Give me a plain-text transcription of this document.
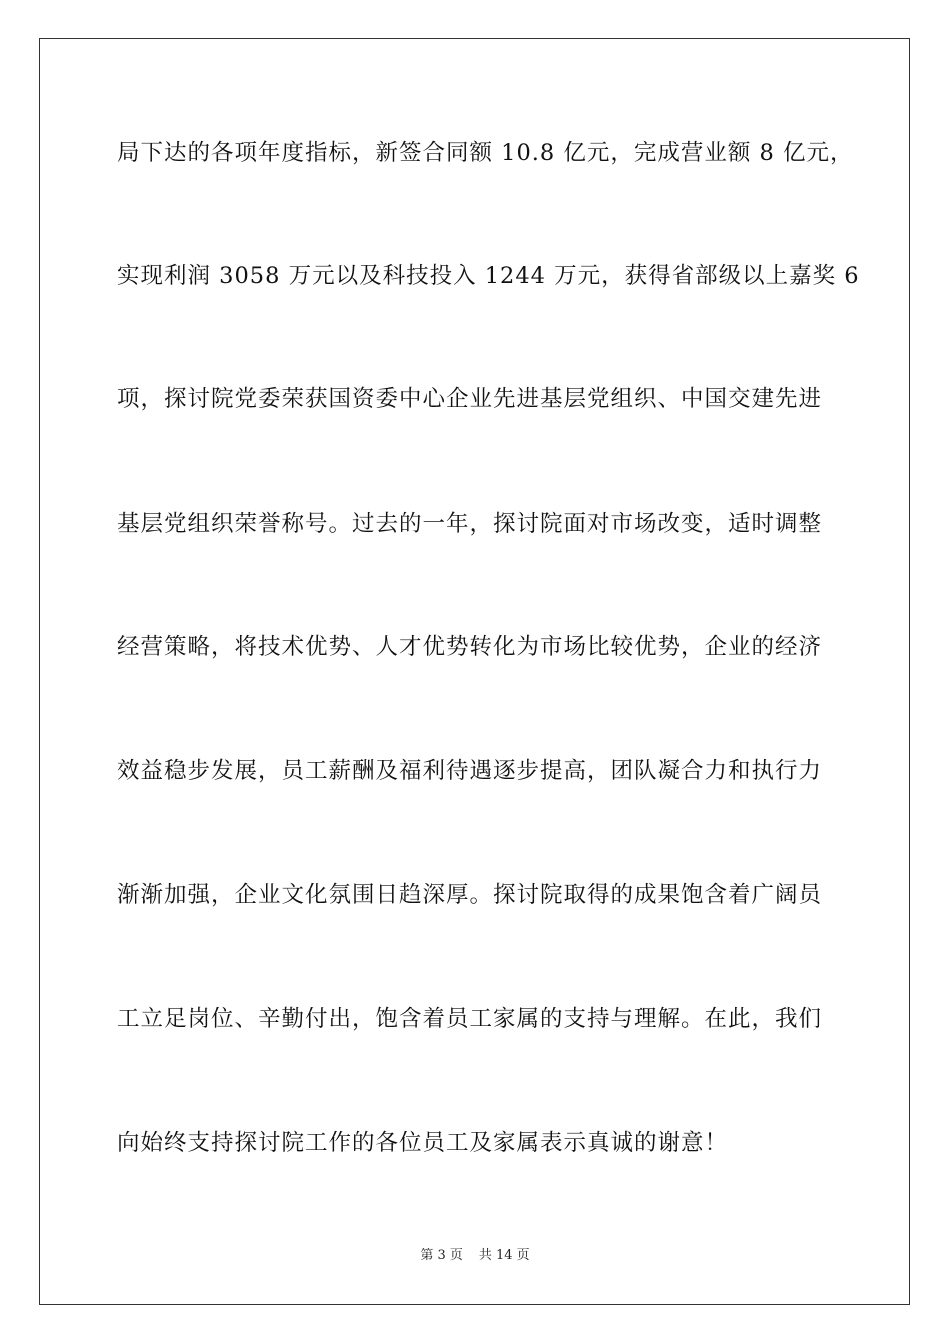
局下达的各项年度指标，新签合同额 10.8 亿元，完成营业额 8 亿元，
实现利润 3058 万元以及科技投入 1244 万元，获得省部级以上嘉奖 6
项，探讨院党委荣获国资委中心企业先进基层党组织、中国交建先进
基层党组织荣誉称号。过去的一年，探讨院面对市场改变，适时调整
经营策略，将技术优势、人才优势转化为市场比较优势，企业的经济
效益稳步发展，员工薪酬及福利待遇逐步提高，团队凝合力和执行力
渐渐加强，企业文化氛围日趋深厚。探讨院取得的成果饱含着广阔员
工立足岗位、辛勤付出，饱含着员工家属的支持与理解。在此，我们
向始终支持探讨院工作的各位员工及家属表示真诚的谢意！
第 3 页 共 14 页
